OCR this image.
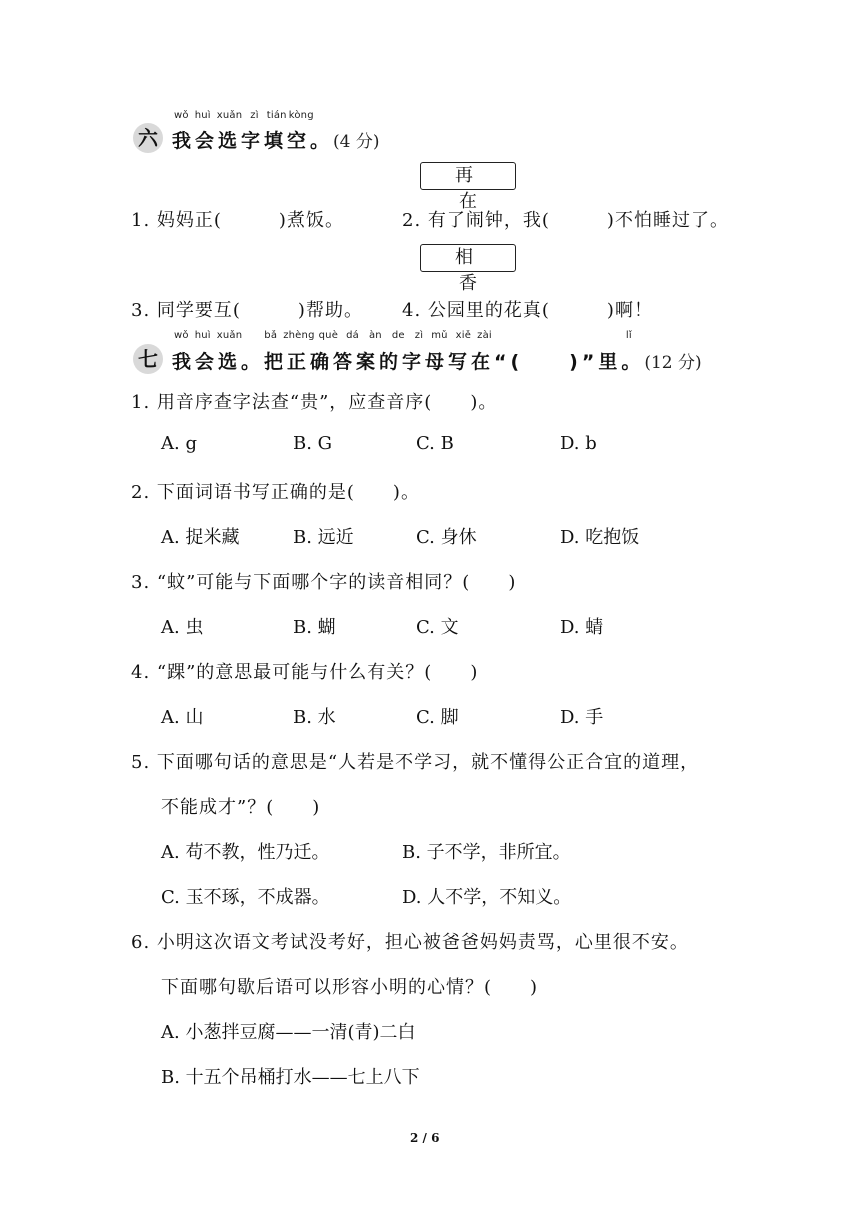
wǒ huì xuǎn zì tián kòng
六 我会选字填空。(4 分)
再在
1. 妈妈正(　　　)煮饭。	2. 有了闹钟，我(　　　)不怕睡过了。
相香
3. 同学要互(　　　)帮助。 4. 公园里的花真(　　　)啊！
wǒ huì xuǎn bǎ zhèng què dá àn de zì mǔ xiě zài	lǐ
七 我会选。把正确答案的字母写在“(　　)”里。(12 分)
1. 用音序查字法查“贵”，应查音序(　　)。
A. g	B. G	C. B	D. b
2. 下面词语书写正确的是(　　)。
A. 捉米藏	B. 远近	C. 身休	D. 吃抱饭
3. “蚊”可能与下面哪个字的读音相同？(　　)
A. 虫	B. 蝴	C. 文	D. 蜻
4. “踝”的意思最可能与什么有关？(　　)
A. 山	B. 水	C. 脚	D. 手
5. 下面哪句话的意思是“人若是不学习，就不懂得公正合宜的道理，
不能成才”？(　　)
A. 苟不教，性乃迁。	B. 子不学，非所宜。
C. 玉不琢，不成器。	D. 人不学，不知义。
6. 小明这次语文考试没考好，担心被爸爸妈妈责骂，心里很不安。
下面哪句歇后语可以形容小明的心情？(　　)
A. 小葱拌豆腐——一清(青)二白
B. 十五个吊桶打水——七上八下
2 / 6
